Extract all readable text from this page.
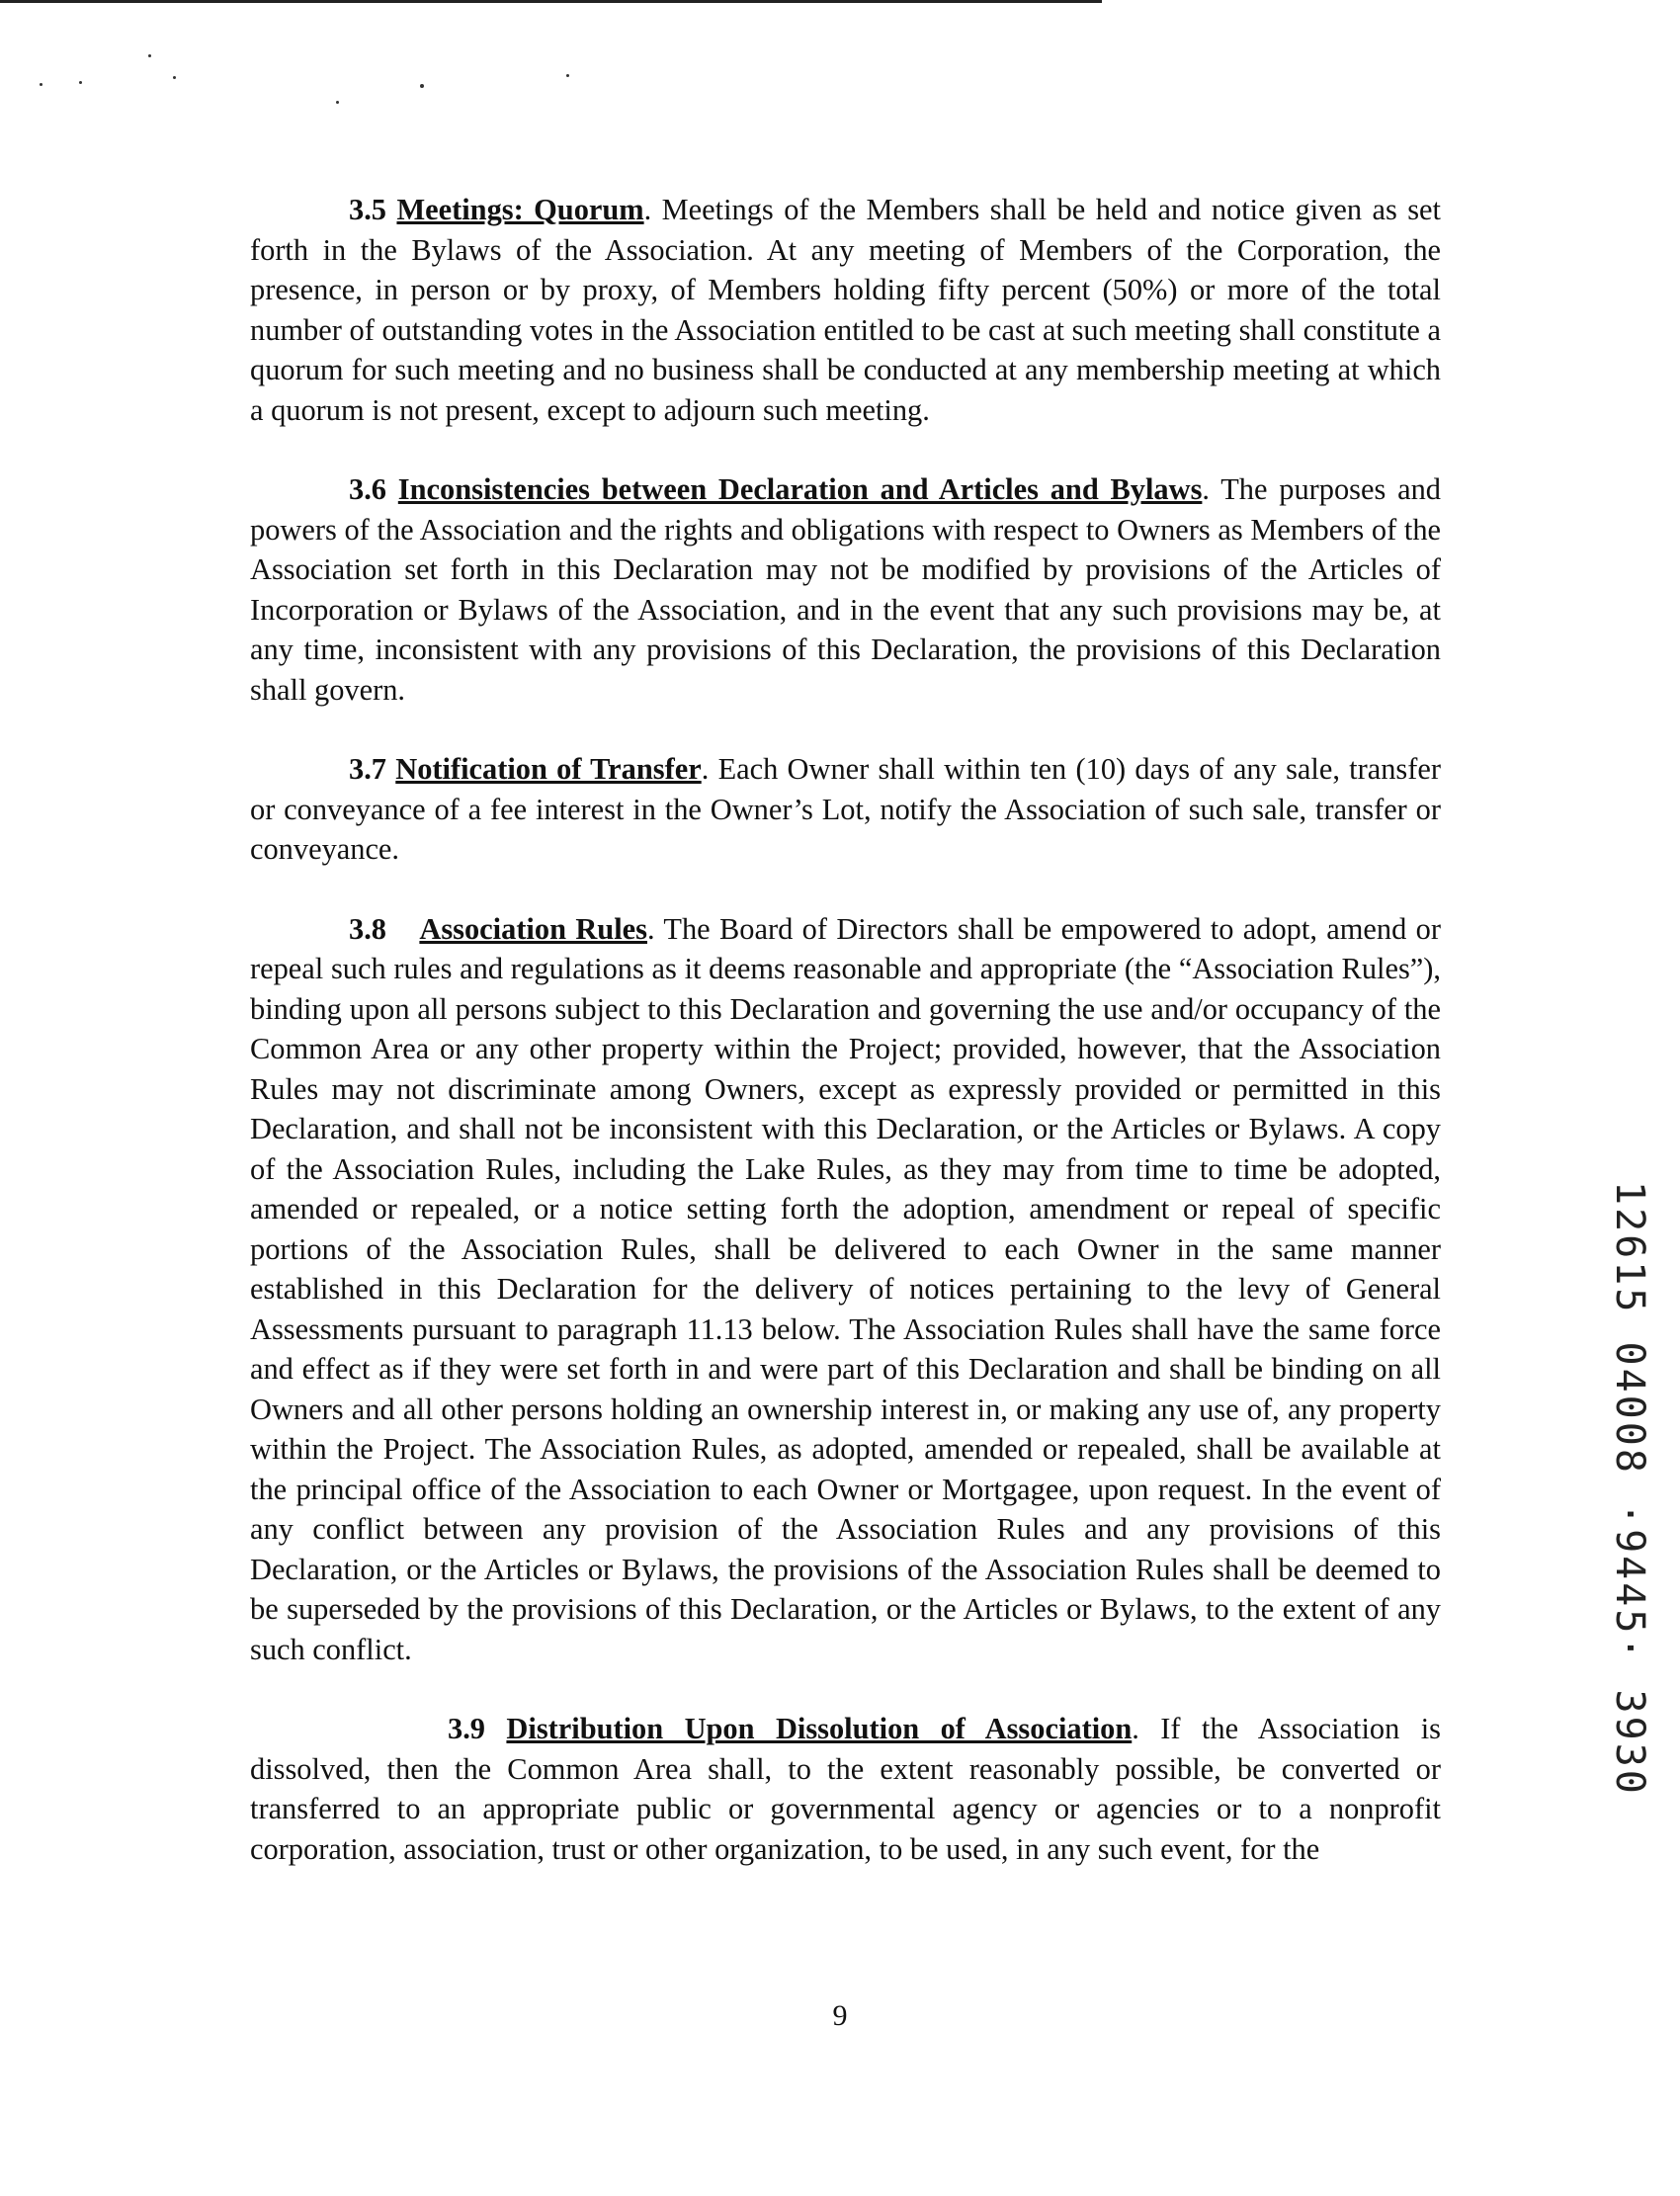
3.5 Meetings: Quorum. Meetings of the Members shall be held and notice given as set forth in the Bylaws of the Association. At any meeting of Members of the Corporation, the presence, in person or by proxy, of Members holding fifty percent (50%) or more of the total number of outstanding votes in the Association entitled to be cast at such meeting shall constitute a quorum for such meeting and no business shall be conducted at any membership meeting at which a quorum is not present, except to adjourn such meeting.

3.6 Inconsistencies between Declaration and Articles and Bylaws. The purposes and powers of the Association and the rights and obligations with respect to Owners as Members of the Association set forth in this Declaration may not be modified by provisions of the Articles of Incorporation or Bylaws of the Association, and in the event that any such provisions may be, at any time, inconsistent with any provisions of this Declaration, the provisions of this Declaration shall govern.

3.7 Notification of Transfer. Each Owner shall within ten (10) days of any sale, transfer or conveyance of a fee interest in the Owner’s Lot, notify the Association of such sale, transfer or conveyance.

3.8 Association Rules. The Board of Directors shall be empowered to adopt, amend or repeal such rules and regulations as it deems reasonable and appropriate (the “Association Rules”), binding upon all persons subject to this Declaration and governing the use and/or occupancy of the Common Area or any other property within the Project; provided, however, that the Association Rules may not discriminate among Owners, except as expressly provided or permitted in this Declaration, and shall not be inconsistent with this Declaration, or the Articles or Bylaws. A copy of the Association Rules, including the Lake Rules, as they may from time to time be adopted, amended or repealed, or a notice setting forth the adoption, amendment or repeal of specific portions of the Association Rules, shall be delivered to each Owner in the same manner established in this Declaration for the delivery of notices pertaining to the levy of General Assessments pursuant to paragraph 11.13 below. The Association Rules shall have the same force and effect as if they were set forth in and were part of this Declaration and shall be binding on all Owners and all other persons holding an ownership interest in, or making any use of, any property within the Project. The Association Rules, as adopted, amended or repealed, shall be available at the principal office of the Association to each Owner or Mortgagee, upon request. In the event of any conflict between any provision of the Association Rules and any provisions of this Declaration, or the Articles or Bylaws, the provisions of the Association Rules shall be deemed to be superseded by the provisions of this Declaration, or the Articles or Bylaws, to the extent of any such conflict.

3.9 Distribution Upon Dissolution of Association. If the Association is dissolved, then the Common Area shall, to the extent reasonably possible, be converted or transferred to an appropriate public or governmental agency or agencies or to a nonprofit corporation, association, trust or other organization, to be used, in any such event, for the

9
12615 04008 ·9445· 3930
